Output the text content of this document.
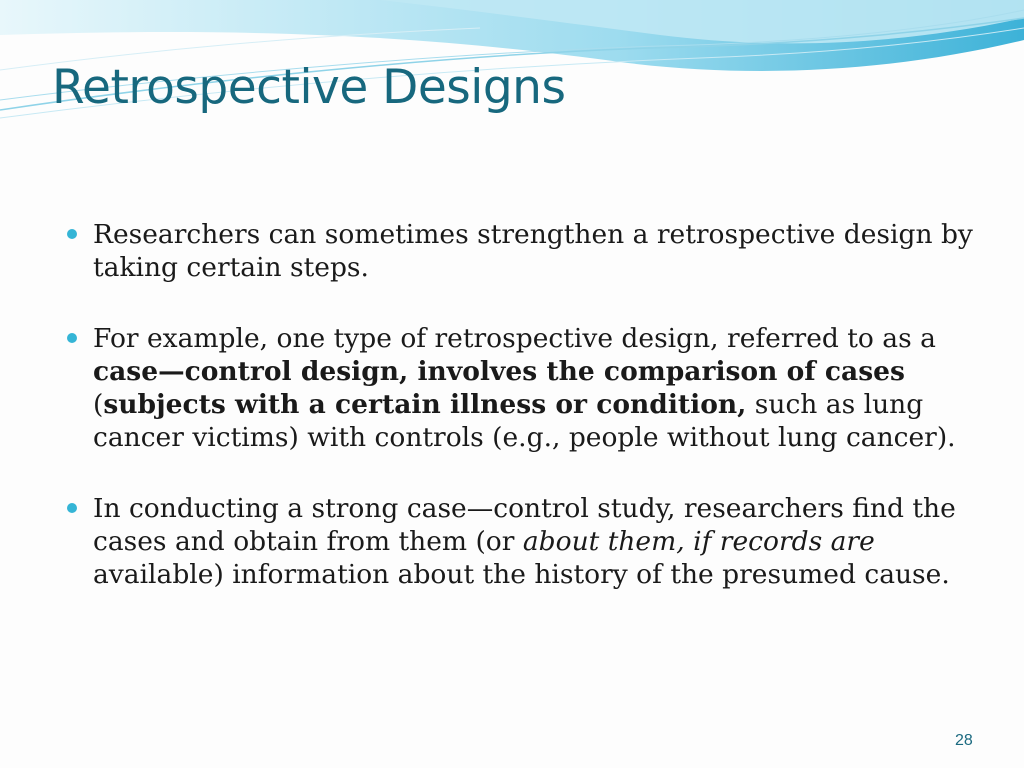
Retrospective Designs
Researchers can sometimes strengthen a retrospective design by taking certain steps.
For example, one type of retrospective design, referred to as a case—control design, involves the comparison of cases (subjects with a certain illness or condition, such as lung cancer victims) with controls (e.g., people without lung cancer).
In conducting a strong case—control study, researchers find the cases and obtain from them (or about them, if records are available) information about the history of the presumed cause.
28
